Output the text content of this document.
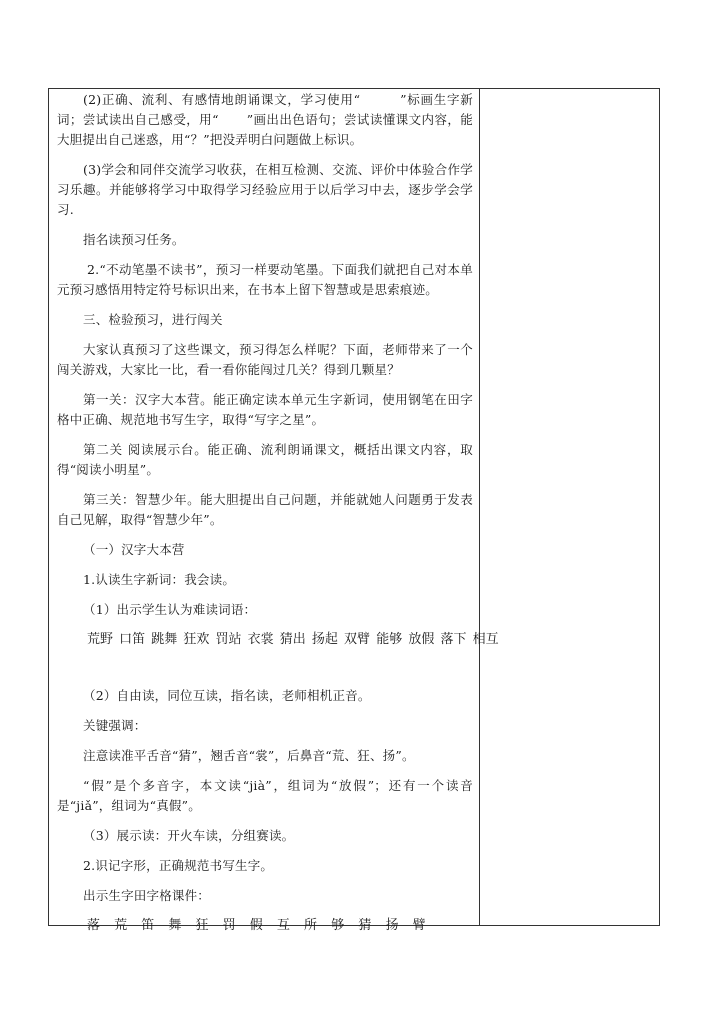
(2)正确、流利、有感情地朗诵课文，学习使用“	”标画生字新词；尝试读出自己感受，用“ ”画出出色语句；尝试读懂课文内容，能大胆提出自己迷惑，用“？”把没弄明白问题做上标识。

(3)学会和同伴交流学习收获，在相互检测、交流、评价中体验合作学习乐趣。并能够将学习中取得学习经验应用于以后学习中去，逐步学会学习.

指名读预习任务。

2.“不动笔墨不读书”，预习一样要动笔墨。下面我们就把自己对本单元预习感悟用特定符号标识出来，在书本上留下智慧或是思索痕迹。

三、检验预习，进行闯关

大家认真预习了这些课文，预习得怎么样呢？下面，老师带来了一个闯关游戏，大家比一比，看一看你能闯过几关？得到几颗星？

第一关：汉字大本营。能正确定读本单元生字新词，使用钢笔在田字格中正确、规范地书写生字，取得“写字之星”。

第二关 阅读展示台。能正确、流利朗诵课文，概括出课文内容，取得“阅读小明星”。

第三关：智慧少年。能大胆提出自己问题，并能就她人问题勇于发表自己见解，取得“智慧少年”。

（一）汉字大本营

1.认读生字新词：我会读。

（1）出示学生认为难读词语：

荒野 口笛 跳舞 狂欢 罚站 衣裳 猜出 扬起 双臂 能够 放假 落下 相互

（2）自由读，同位互读，指名读，老师相机正音。

关键强调：

注意读准平舌音“猜”，翘舌音“裳”，后鼻音“荒、狂、扬”。

“假”是个多音字，本文读“jià”，组词为“放假”；还有一个读音是“jiǎ”，组词为“真假”。

（3）展示读：开火车读，分组赛读。

2.识记字形，正确规范书写生字。

出示生字田字格课件：

落 荒 笛 舞 狂 罚 假 互 所 够 猜 扬 臂
